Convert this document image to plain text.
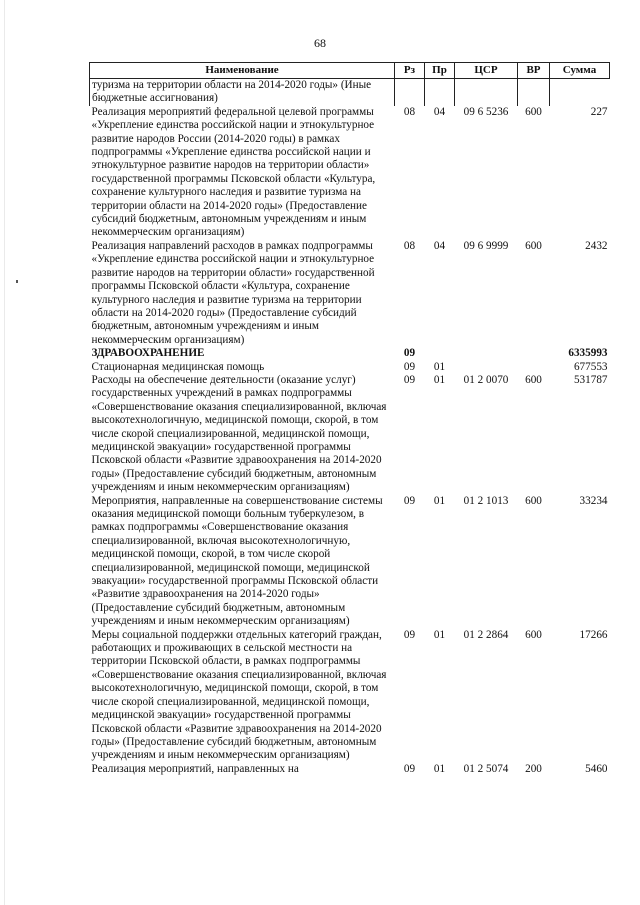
68
Наименование	Рз	Пр	ЦСР	ВР	Сумма
туризма на территории области на 2014-2020 годы» (Иные бюджетные ассигнования)					
Реализация мероприятий федеральной целевой программы «Укрепление единства российской нации и этнокультурное развитие народов России (2014-2020 годы) в рамках подпрограммы «Укрепление единства российской нации и этнокультурное развитие народов на территории области» государственной программы Псковской области «Культура, сохранение культурного наследия и развитие туризма на территории области на 2014-2020 годы» (Предоставление субсидий бюджетным, автономным учреждениям и иным некоммерческим организациям)	08	04	09 6 5236	600	227
Реализация направлений расходов в рамках подпрограммы «Укрепление единства российской нации и этнокультурное развитие народов на территории области» государственной программы Псковской области «Культура, сохранение культурного наследия и развитие туризма на территории области на 2014-2020 годы» (Предоставление субсидий бюджетным, автономным учреждениям и иным некоммерческим организациям)	08	04	09 6 9999	600	2432
ЗДРАВООХРАНЕНИЕ	09				6335993
Стационарная медицинская помощь	09	01			677553
Расходы на обеспечение деятельности (оказание услуг) государственных учреждений в рамках подпрограммы «Совершенствование оказания специализированной, включая высокотехнологичную, медицинской помощи, скорой, в том числе скорой специализированной, медицинской помощи, медицинской эвакуации» государственной программы Псковской области «Развитие здравоохранения на 2014-2020 годы» (Предоставление субсидий бюджетным, автономным учреждениям и иным некоммерческим организациям)	09	01	01 2 0070	600	531787
Мероприятия, направленные на совершенствование системы оказания медицинской помощи больным туберкулезом, в рамках подпрограммы «Совершенствование оказания специализированной, включая высокотехнологичную, медицинской помощи, скорой, в том числе скорой специализированной, медицинской помощи, медицинской эвакуации» государственной программы Псковской области «Развитие здравоохранения на 2014-2020 годы» (Предоставление субсидий бюджетным, автономным учреждениям и иным некоммерческим организациям)	09	01	01 2 1013	600	33234
Меры социальной поддержки отдельных категорий граждан, работающих и проживающих в сельской местности на территории Псковской области, в рамках подпрограммы «Совершенствование оказания специализированной, включая высокотехнологичную, медицинской помощи, скорой, в том числе скорой специализированной, медицинской помощи, медицинской эвакуации» государственной программы Псковской области «Развитие здравоохранения на 2014-2020 годы» (Предоставление субсидий бюджетным, автономным учреждениям и иным некоммерческим организациям)	09	01	01 2 2864	600	17266
Реализация мероприятий, направленных на	09	01	01 2 5074	200	5460
